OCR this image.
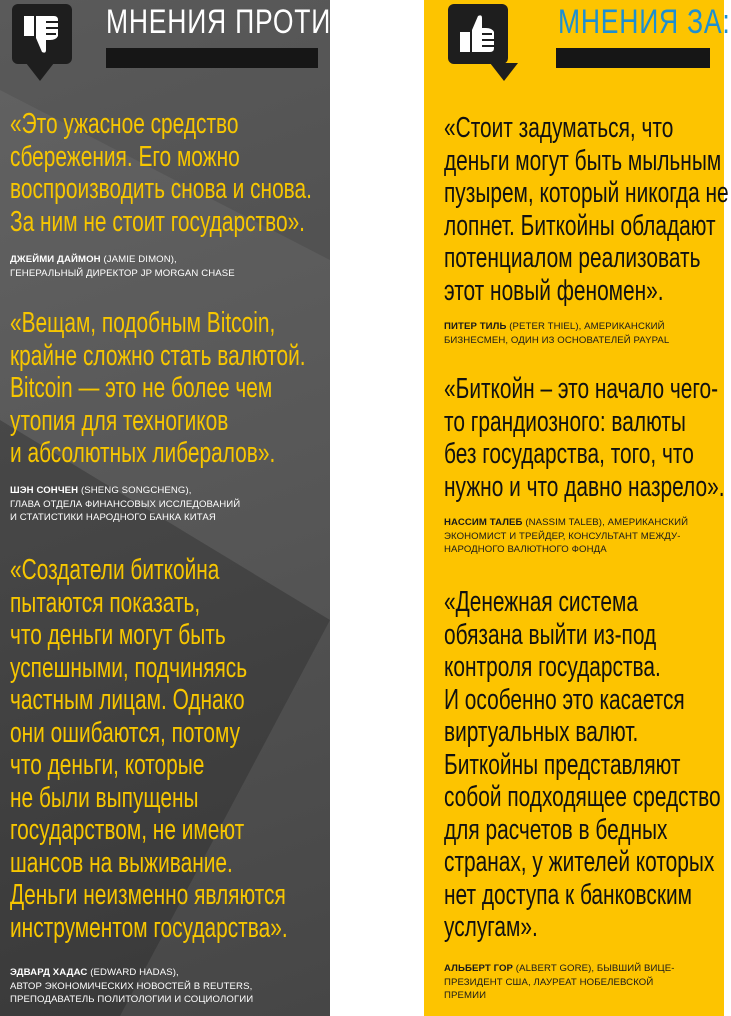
МНЕНИЯ ПРОТИВ:
«Это ужасное средство
сбережения. Его можно
воспроизводить снова и снова.
За ним не стоит государство».
ДЖЕЙМИ ДАЙМОН (JAMIE DIMON),
ГЕНЕРАЛЬНЫЙ ДИРЕКТОР JP MORGAN CHASE
«Вещам, подобным Bitcoin,
крайне сложно стать валютой.
Bitcoin — это не более чем
утопия для техногиков
и абсолютных либералов».
ШЭН СОНЧЕН (SHENG SONGCHENG),
ГЛАВА ОТДЕЛА ФИНАНСОВЫХ ИССЛЕДОВАНИЙ
И СТАТИСТИКИ НАРОДНОГО БАНКА КИТАЯ
«Создатели биткойна
пытаются показать,
что деньги могут быть
успешными, подчиняясь
частным лицам. Однако
они ошибаются, потому
что деньги, которые
не были выпущены
государством, не имеют
шансов на выживание.
Деньги неизменно являются
инструментом государства».
ЭДВАРД ХАДАС (EDWARD HADAS),
АВТОР ЭКОНОМИЧЕСКИХ НОВОСТЕЙ В REUTERS,
ПРЕПОДАВАТЕЛЬ ПОЛИТОЛОГИИ И СОЦИОЛОГИИ
МНЕНИЯ ЗА:
«Стоит задуматься, что
деньги могут быть мыльным
пузырем, который никогда не
лопнет. Биткойны обладают
потенциалом реализовать
этот новый феномен».
ПИТЕР ТИЛЬ (PETER THIEL), АМЕРИКАНСКИЙ
БИЗНЕСМЕН, ОДИН ИЗ ОСНОВАТЕЛЕЙ PAYPAL
«Биткойн – это начало чего-
то грандиозного: валюты
без государства, того, что
нужно и что давно назрело».
НАССИМ ТАЛЕБ (NASSIM TALEB), АМЕРИКАНСКИЙ
ЭКОНОМИСТ И ТРЕЙДЕР, КОНСУЛЬТАНТ МЕЖДУ-
НАРОДНОГО ВАЛЮТНОГО ФОНДА
«Денежная система
обязана выйти из-под
контроля государства.
И особенно это касается
виртуальных валют.
Биткойны представляют
собой подходящее средство
для расчетов в бедных
странах, у жителей которых
нет доступа к банковским
услугам».
АЛЬБЕРТ ГОР (ALBERT GORE), БЫВШИЙ ВИЦЕ-
ПРЕЗИДЕНТ США, ЛАУРЕАТ НОБЕЛЕВСКОЙ
ПРЕМИИ
